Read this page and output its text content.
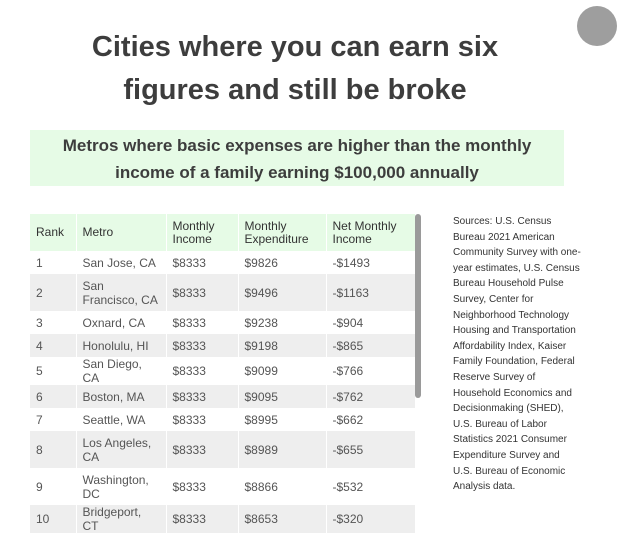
Cities where you can earn six
figures and still be broke
Metros where basic expenses are higher than the monthly income of a family earning $100,000 annually
Rank	Metro	Monthly Income	Monthly Expenditure	Net Monthly Income
1	San Jose, CA	$8333	$9826	-$1493
2	San Francisco, CA	$8333	$9496	-$1163
3	Oxnard, CA	$8333	$9238	-$904
4	Honolulu, HI	$8333	$9198	-$865
5	San Diego, CA	$8333	$9099	-$766
6	Boston, MA	$8333	$9095	-$762
7	Seattle, WA	$8333	$8995	-$662
8	Los Angeles, CA	$8333	$8989	-$655
9	Washington, DC	$8333	$8866	-$532
10	Bridgeport, CT	$8333	$8653	-$320
Sources: U.S. Census Bureau 2021 American Community Survey with one-year estimates, U.S. Census Bureau Household Pulse Survey, Center for Neighborhood Technology Housing and Transportation Affordability Index, Kaiser Family Foundation, Federal Reserve Survey of Household Economics and Decisionmaking (SHED), U.S. Bureau of Labor Statistics 2021 Consumer Expenditure Survey and U.S. Bureau of Economic Analysis data.
